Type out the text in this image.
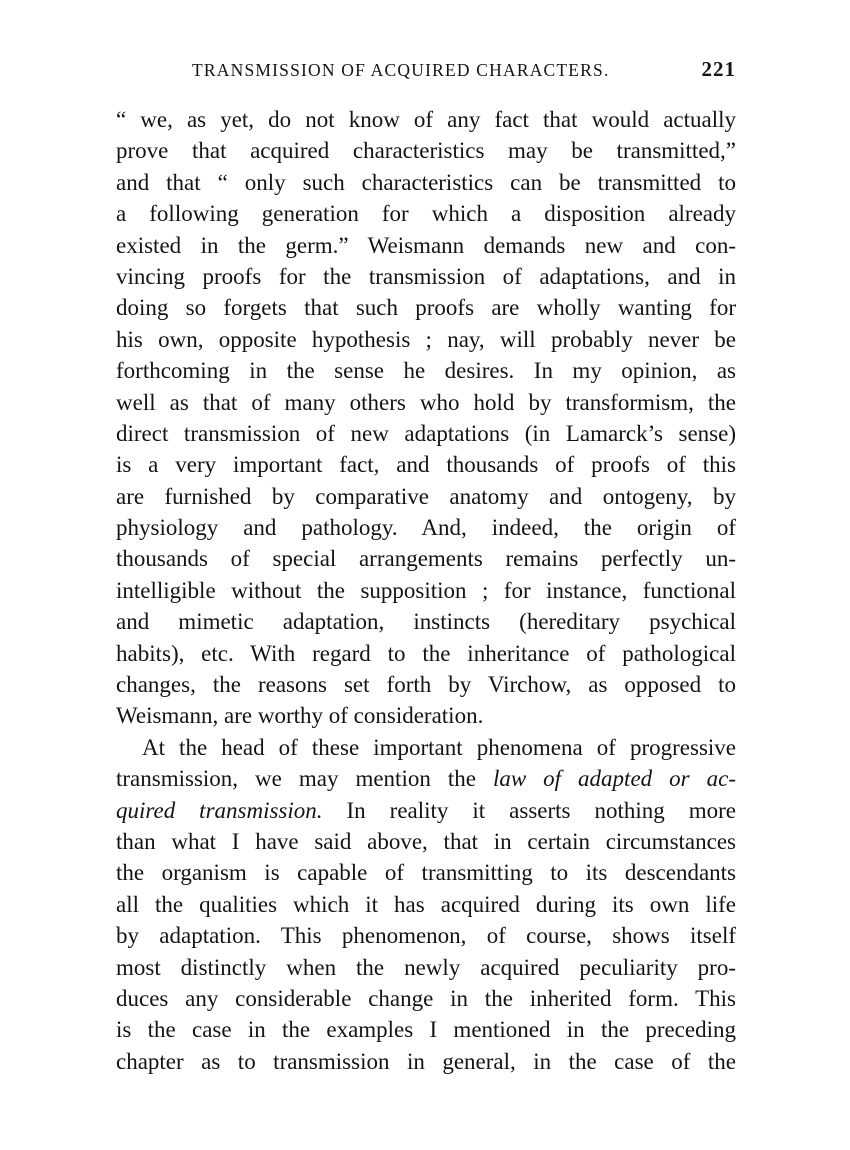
TRANSMISSION OF ACQUIRED CHARACTERS.	221
“ we, as yet, do not know of any fact that would actually
prove that acquired characteristics may be transmitted,”
and that “ only such characteristics can be transmitted to
a following generation for which a disposition already
existed in the germ.” Weismann demands new and con-
vincing proofs for the transmission of adaptations, and in
doing so forgets that such proofs are wholly wanting for
his own, opposite hypothesis ; nay, will probably never be
forthcoming in the sense he desires. In my opinion, as
well as that of many others who hold by transformism, the
direct transmission of new adaptations (in Lamarck’s sense)
is a very important fact, and thousands of proofs of this
are furnished by comparative anatomy and ontogeny, by
physiology and pathology. And, indeed, the origin of
thousands of special arrangements remains perfectly un-
intelligible without the supposition ; for instance, functional
and mimetic adaptation, instincts (hereditary psychical
habits), etc. With regard to the inheritance of pathological
changes, the reasons set forth by Virchow, as opposed to
Weismann, are worthy of consideration.
At the head of these important phenomena of progressive
transmission, we may mention the law of adapted or ac-
quired transmission. In reality it asserts nothing more
than what I have said above, that in certain circumstances
the organism is capable of transmitting to its descendants
all the qualities which it has acquired during its own life
by adaptation. This phenomenon, of course, shows itself
most distinctly when the newly acquired peculiarity pro-
duces any considerable change in the inherited form. This
is the case in the examples I mentioned in the preceding
chapter as to transmission in general, in the case of the
